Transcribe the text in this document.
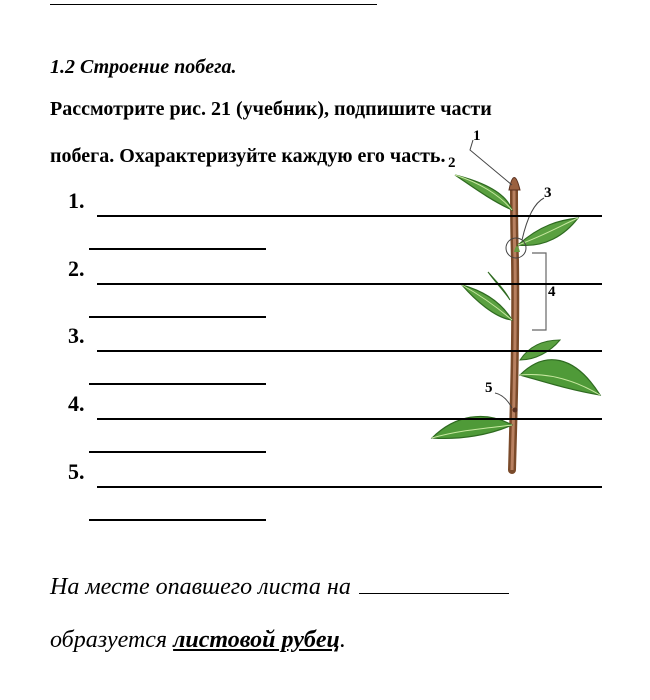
1.2 Строение побега.
Рассмотрите рис. 21 (учебник), подпишите части
побега. Охарактеризуйте каждую его часть.
1
2
3
4
5
1.
2.
3.
4.
5.
На месте опавшего листа на
образуется листовой рубец.
